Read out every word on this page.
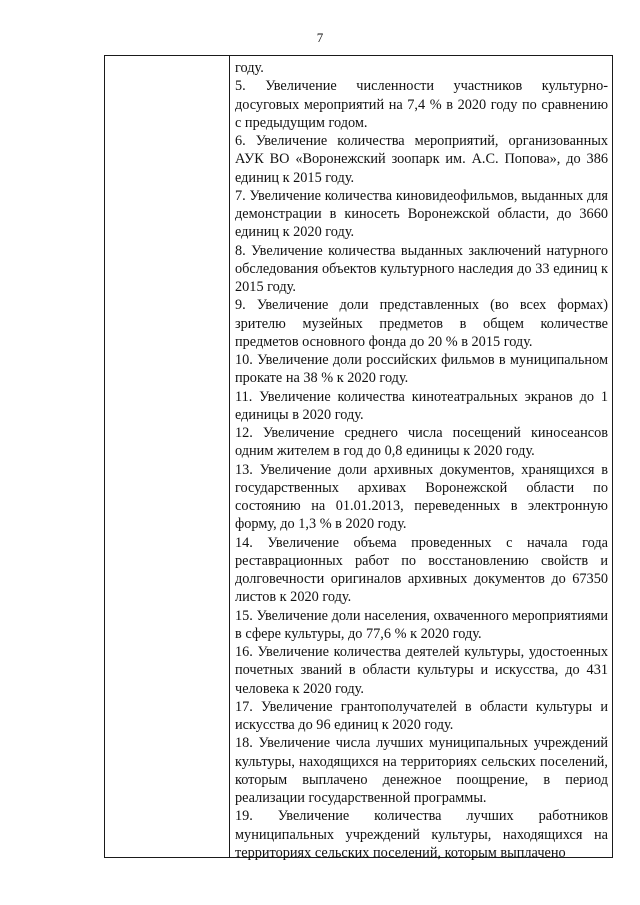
7

году.

5. Увеличение численности участников культурно-досуговых мероприятий на 7,4 % в 2020 году по сравнению с предыдущим годом.

6. Увеличение количества мероприятий, организованных АУК ВО «Воронежский зоопарк им. А.С. Попова», до 386 единиц к 2015 году.

7. Увеличение количества киновидеофильмов, выданных для демонстрации в киносеть Воронежской области, до 3660 единиц к 2020 году.

8. Увеличение количества выданных заключений натурного обследования объектов культурного наследия до 33 единиц к 2015 году.

9. Увеличение доли представленных (во всех формах) зрителю музейных предметов в общем количестве предметов основного фонда до 20 % в 2015 году.

10. Увеличение доли российских фильмов в муниципальном прокате на 38 % к 2020 году.

11. Увеличение количества кинотеатральных экранов до 1 единицы в 2020 году.

12. Увеличение среднего числа посещений киносеансов одним жителем в год до 0,8 единицы к 2020 году.

13. Увеличение доли архивных документов, хранящихся в государственных архивах Воронежской области по состоянию на 01.01.2013, переведенных в электронную форму, до 1,3 % в 2020 году.

14. Увеличение объема проведенных с начала года реставрационных работ по восстановлению свойств и долговечности оригиналов архивных документов до 67350 листов к 2020 году.

15. Увеличение доли населения, охваченного мероприятиями в сфере культуры, до 77,6 % к 2020 году.

16. Увеличение количества деятелей культуры, удостоенных почетных званий в области культуры и искусства, до 431 человека к 2020 году.

17. Увеличение грантополучателей в области культуры и искусства до 96 единиц к 2020 году.

18. Увеличение числа лучших муниципальных учреждений культуры, находящихся на территориях сельских поселений, которым выплачено денежное поощрение, в период реализации государственной программы.

19. Увеличение количества лучших работников муниципальных учреждений культуры, находящихся на территориях сельских поселений, которым выплачено
